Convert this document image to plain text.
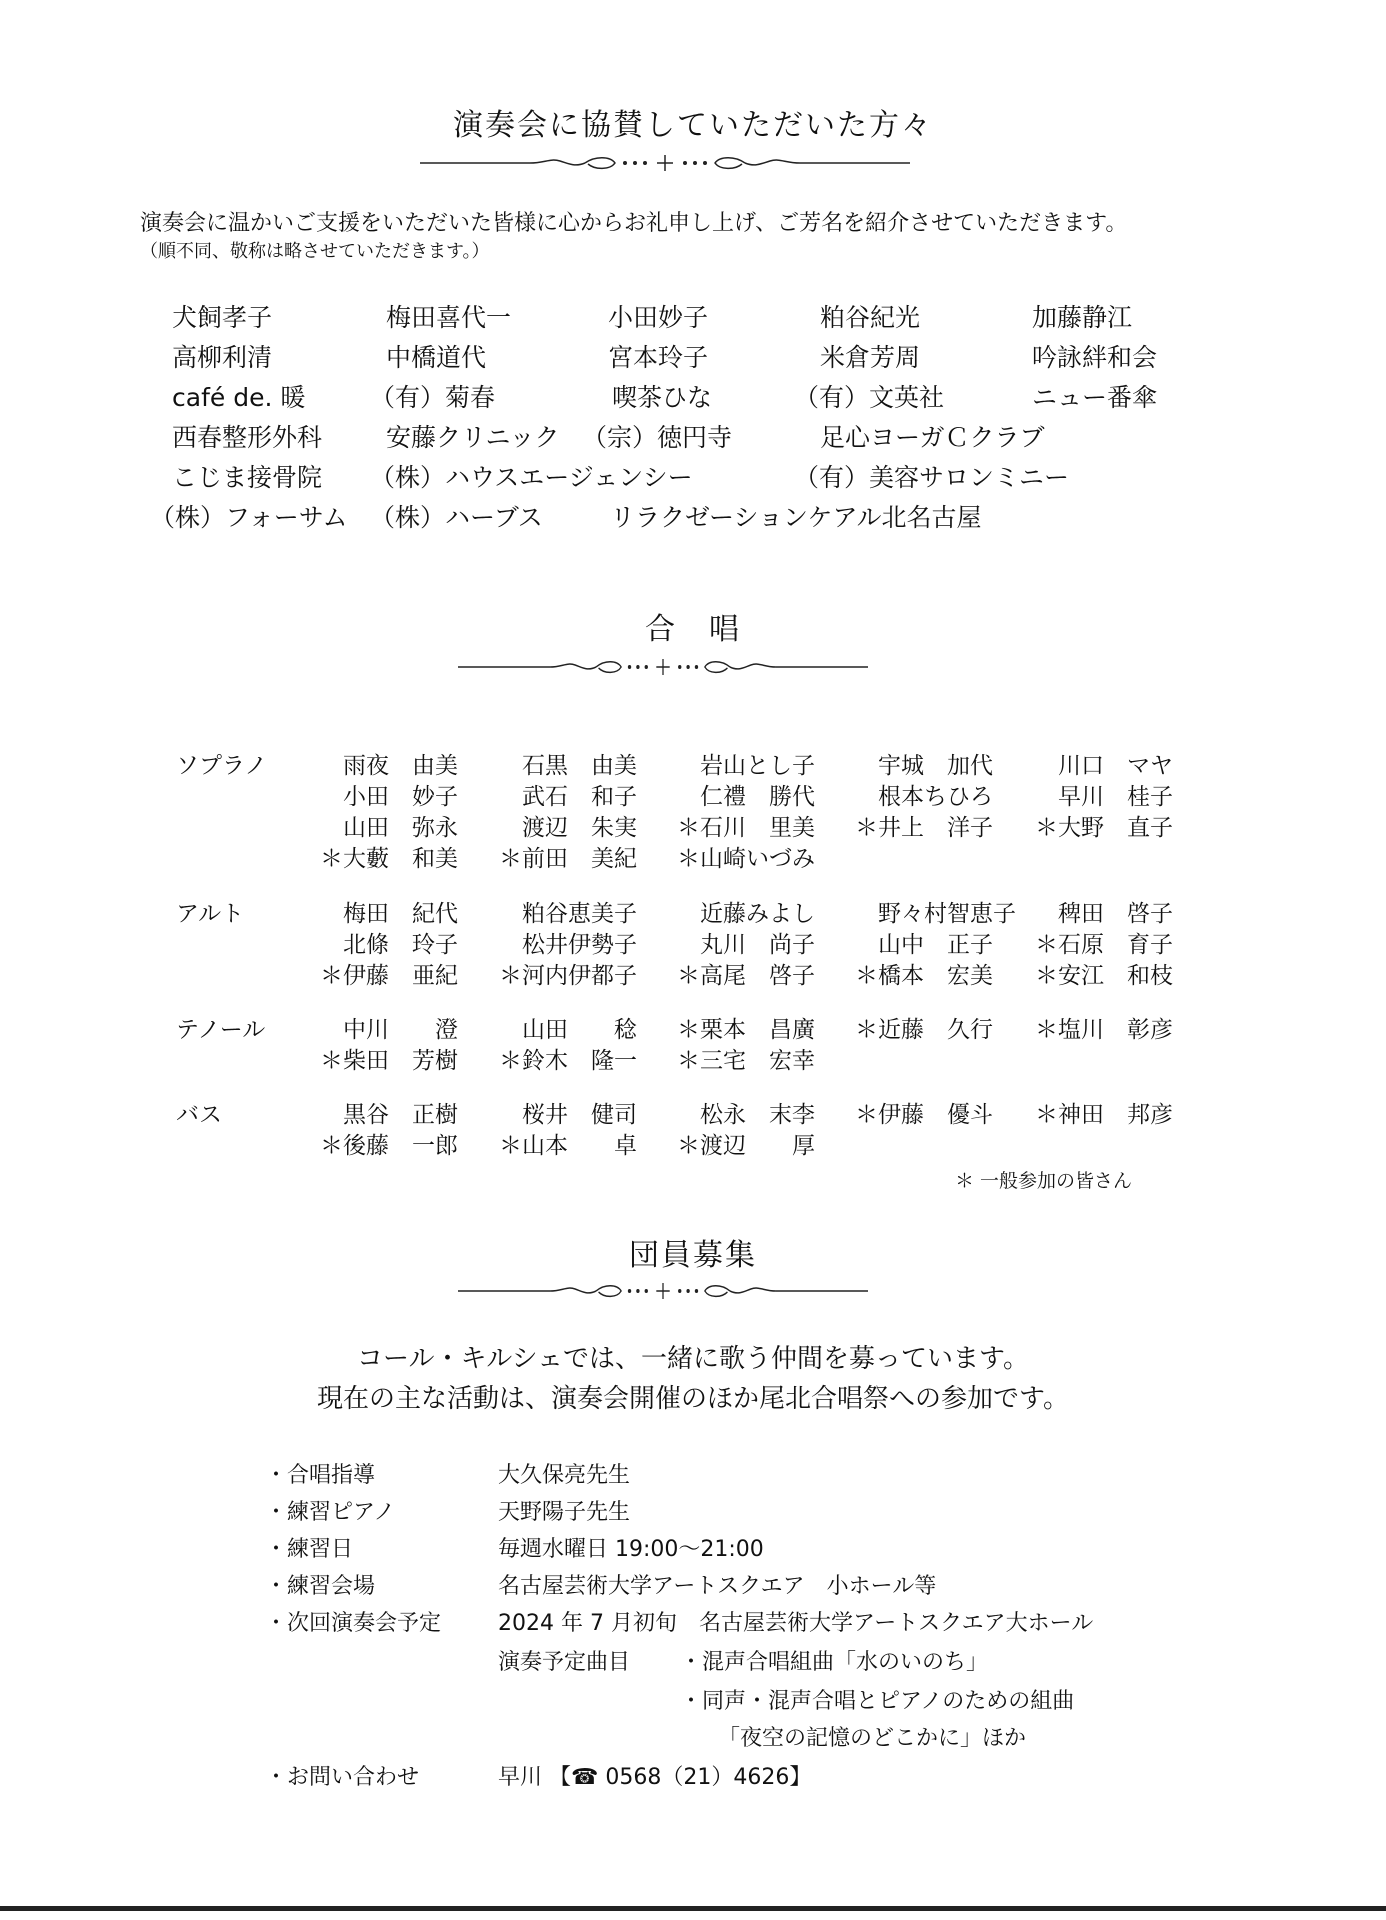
演奏会に協賛していただいた方々
演奏会に温かいご支援をいただいた皆様に心からお礼申し上げ、ご芳名を紹介させていただきます。
（順不同、敬称は略させていただきます。）
犬飼孝子	梅田喜代一	小田妙子	粕谷紀光	加藤静江
高柳利清	中橋道代	宮本玲子	米倉芳周	吟詠絆和会
café de. 暖	（有）菊春	喫茶ひな	（有）文英社	ニュー番傘
西春整形外科	安藤クリニック （宗）徳円寺	足心ヨーガＣクラブ
こじま接骨院 （株）ハウスエージェンシー	（有）美容サロンミニー
（株）フォーサム （株）ハーブス	リラクゼーションケアル北名古屋
合　唱
ソプラノ	雨夜　由美	石黒　由美	岩山とし子	宇城　加代	川口　マヤ
小田　妙子	武石　和子	仁禮　勝代	根本ちひろ	早川　桂子
山田　弥永	渡辺　朱実 ＊石川　里美 ＊井上　洋子 ＊大野　直子
＊大藪　和美 ＊前田　美紀 ＊山崎いづみ
アルト	梅田　紀代	粕谷恵美子	近藤みよし	野々村智恵子 稗田　啓子
北條　玲子	松井伊勢子	丸川　尚子	山中　正子 ＊石原　育子
＊伊藤　亜紀 ＊河内伊都子 ＊高尾　啓子 ＊橋本　宏美 ＊安江　和枝
テノール	中川　　澄	山田　　稔 ＊栗本　昌廣 ＊近藤　久行 ＊塩川　彰彦
＊柴田　芳樹 ＊鈴木　隆一 ＊三宅　宏幸
バス	黒谷　正樹	桜井　健司	松永　末李 ＊伊藤　優斗 ＊神田　邦彦
＊後藤　一郎 ＊山本　　卓 ＊渡辺　　厚
＊ 一般参加の皆さん
団員募集
コール・キルシェでは、一緒に歌う仲間を募っています。
現在の主な活動は、演奏会開催のほか尾北合唱祭への参加です。
・合唱指導	大久保亮先生
・練習ピアノ	天野陽子先生
・練習日	毎週水曜日 19:00～21:00
・練習会場	名古屋芸術大学アートスクエア　小ホール等
・次回演奏会予定	2024 年 7 月初旬　名古屋芸術大学アートスクエア大ホール
演奏予定曲目 ・混声合唱組曲「水のいのち」
・同声・混声合唱とピアノのための組曲
「夜空の記憶のどこかに」ほか
・お問い合わせ	早川 【☎ 0568（21）4626】
